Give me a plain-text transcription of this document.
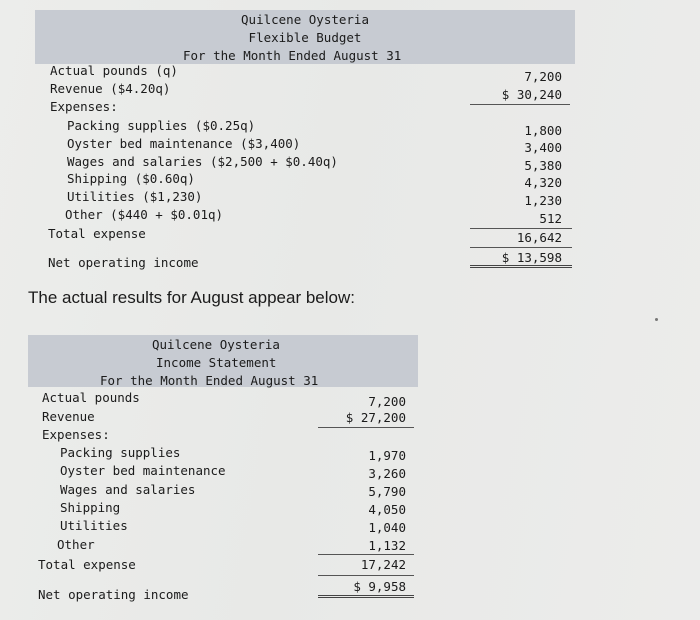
Quilcene Oysteria
Flexible Budget
For the Month Ended August 31
Actual pounds (q)
Revenue ($4.20q)
Expenses:
Packing supplies ($0.25q)
Oyster bed maintenance ($3,400)
Wages and salaries ($2,500 + $0.40q)
Shipping ($0.60q)
Utilities ($1,230)
Other ($440 + $0.01q)
Total expense
Net operating income
7,200
$ 30,240
1,800
3,400
5,380
4,320
1,230
512
16,642
$ 13,598
The actual results for August appear below:
Quilcene Oysteria
Income Statement
For the Month Ended August 31
Actual pounds
Revenue
Expenses:
Packing supplies
Oyster bed maintenance
Wages and salaries
Shipping
Utilities
Other
Total expense
Net operating income
7,200
$ 27,200
1,970
3,260
5,790
4,050
1,040
1,132
17,242
$ 9,958
